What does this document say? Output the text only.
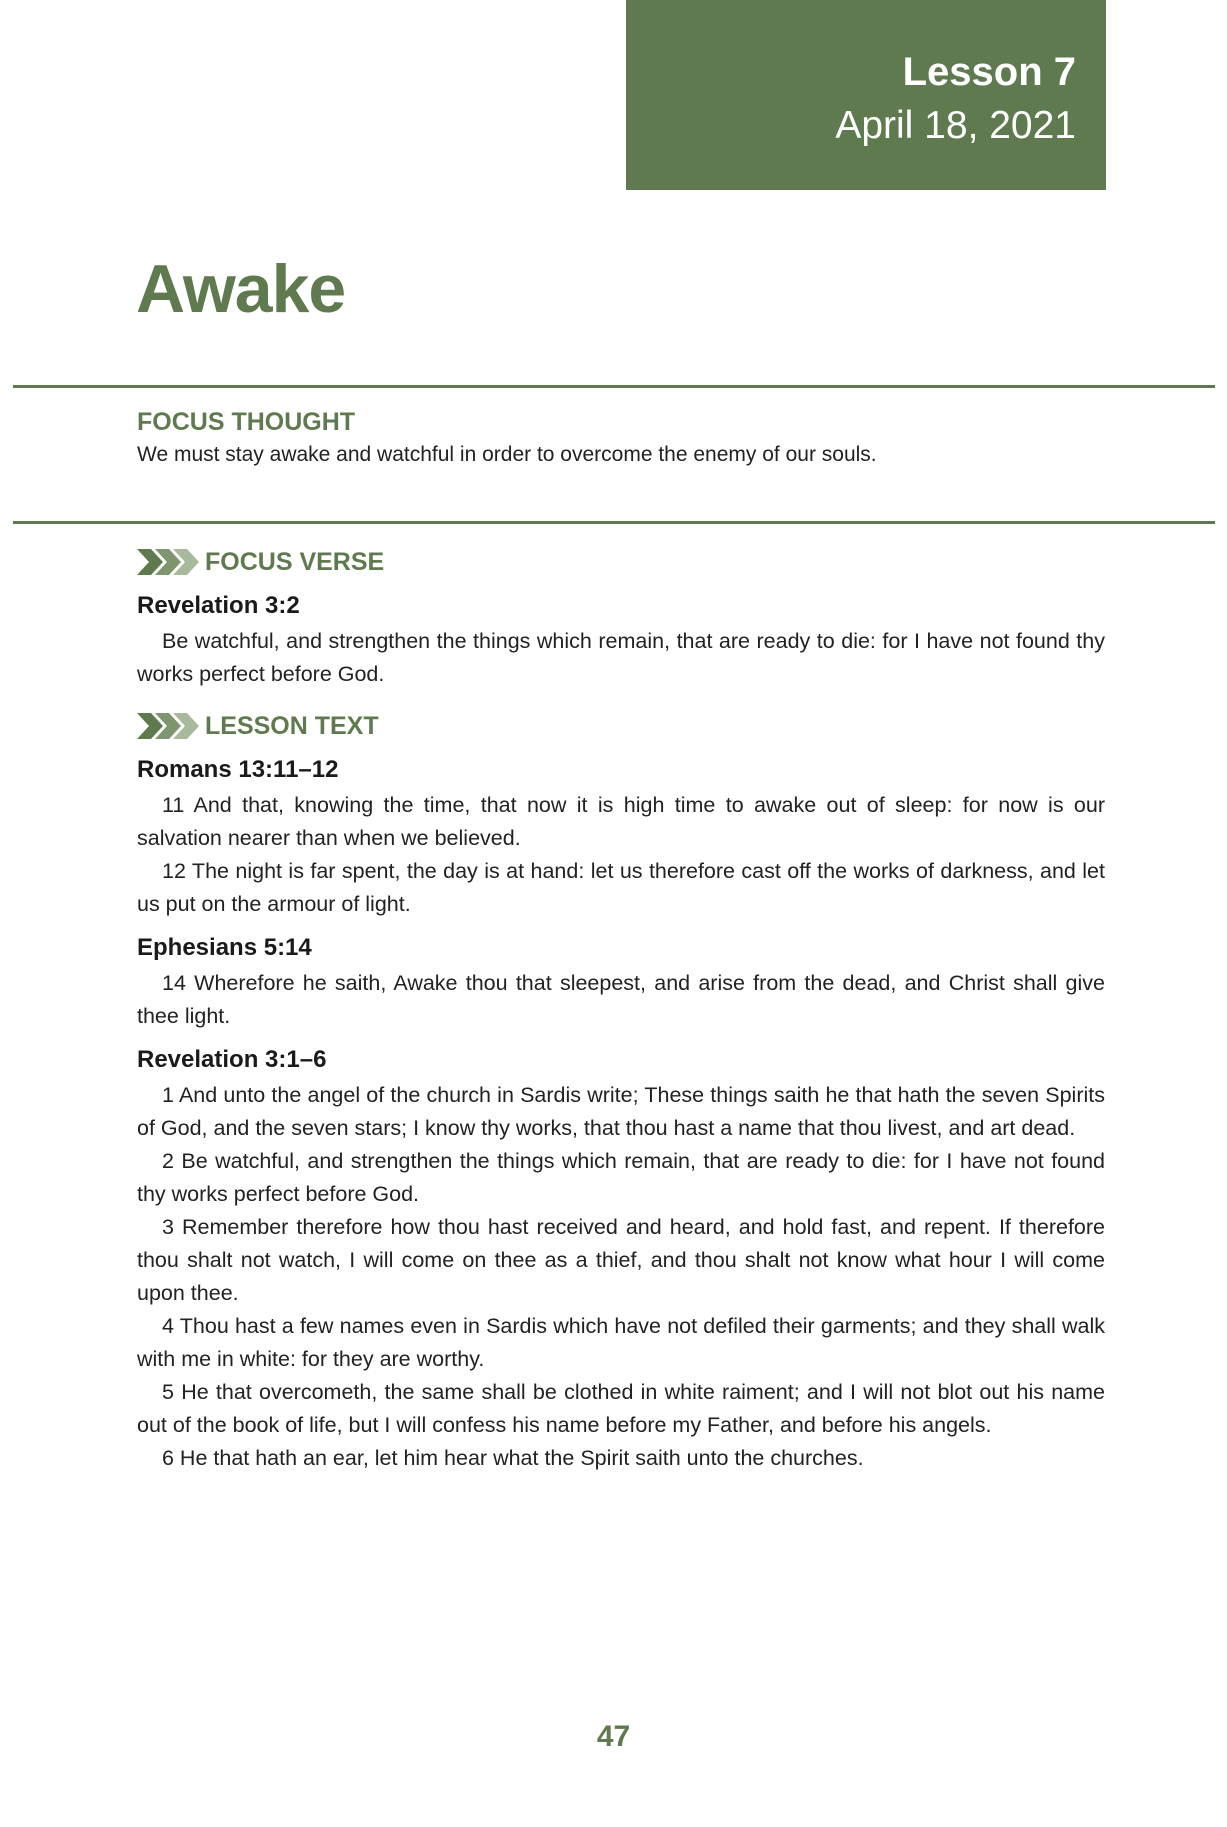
Lesson 7
April 18, 2021
Awake
FOCUS THOUGHT
We must stay awake and watchful in order to overcome the enemy of our souls.
FOCUS VERSE
Revelation 3:2

Be watchful, and strengthen the things which remain, that are ready to die: for I have not found thy works perfect before God.

LESSON TEXT
Romans 13:11–12

11 And that, knowing the time, that now it is high time to awake out of sleep: for now is our salvation nearer than when we believed.

12 The night is far spent, the day is at hand: let us therefore cast off the works of darkness, and let us put on the armour of light.

Ephesians 5:14

14 Wherefore he saith, Awake thou that sleepest, and arise from the dead, and Christ shall give thee light.

Revelation 3:1–6

1 And unto the angel of the church in Sardis write; These things saith he that hath the seven Spirits of God, and the seven stars; I know thy works, that thou hast a name that thou livest, and art dead.

2 Be watchful, and strengthen the things which remain, that are ready to die: for I have not found thy works perfect before God.

3 Remember therefore how thou hast received and heard, and hold fast, and repent. If therefore thou shalt not watch, I will come on thee as a thief, and thou shalt not know what hour I will come upon thee.

4 Thou hast a few names even in Sardis which have not defiled their garments; and they shall walk with me in white: for they are worthy.

5 He that overcometh, the same shall be clothed in white raiment; and I will not blot out his name out of the book of life, but I will confess his name before my Father, and before his angels.

6 He that hath an ear, let him hear what the Spirit saith unto the churches.

47
